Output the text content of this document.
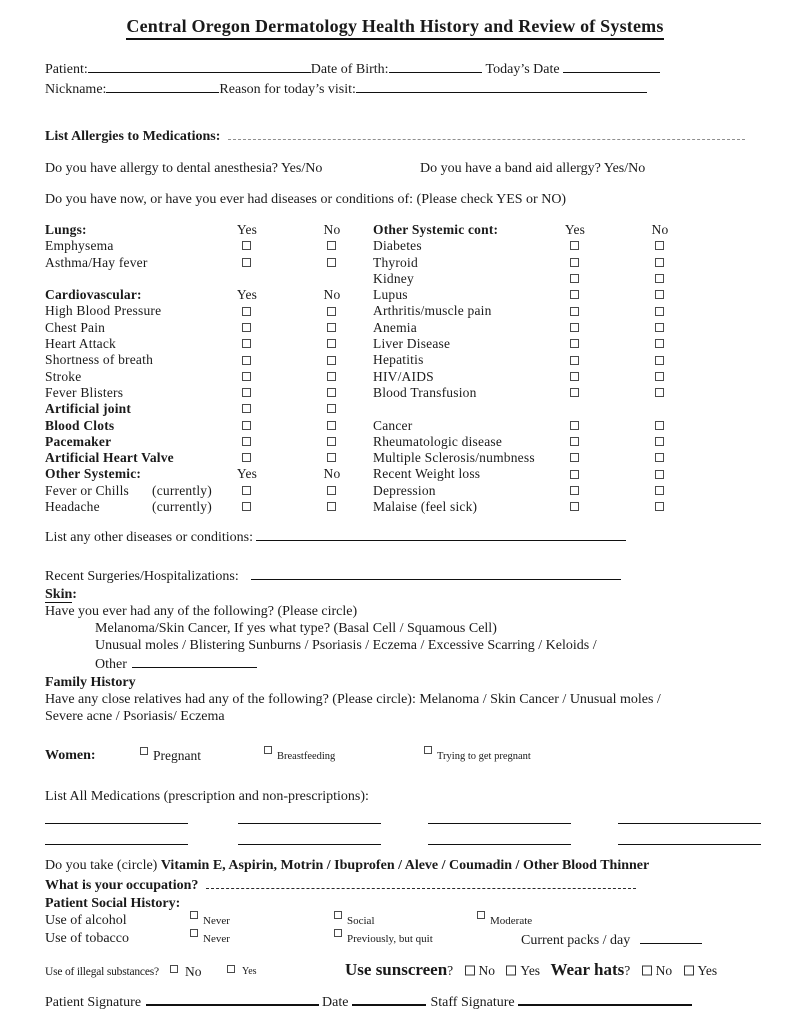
Central Oregon Dermatology Health History and Review of Systems
Patient:	Date of Birth:	Today’s Date
Nickname:	Reason for today’s visit:
List Allergies to Medications:
Do you have allergy to dental anesthesia? Yes/No	Do you have a band aid allergy? Yes/No
Do you have now, or have you ever had diseases or conditions of: (Please check YES or NO)
Lungs:	Yes	No	Other Systemic cont:	Yes	No
Emphysema	Diabetes
Asthma/Hay fever	Thyroid
Kidney
Cardiovascular:	Yes	No	Lupus
High Blood Pressure	Arthritis/muscle pain
Chest Pain	Anemia
Heart Attack	Liver Disease
Shortness of breath	Hepatitis
Stroke	HIV/AIDS
Fever Blisters	Blood Transfusion
Artificial joint
Blood Clots	Cancer
Pacemaker	Rheumatologic disease
Artificial Heart Valve	Multiple Sclerosis/numbness
Other Systemic:	Yes	No	Recent Weight loss
Fever or Chills (currently)	Depression
Headache	(currently)	Malaise (feel sick)
List any other diseases or conditions:
Recent Surgeries/Hospitalizations:
Skin:
Have you ever had any of the following? (Please circle)
Melanoma/Skin Cancer, If yes what type? (Basal Cell / Squamous Cell)
Unusual moles / Blistering Sunburns / Psoriasis / Eczema / Excessive Scarring / Keloids /
Other
Family History
Have any close relatives had any of the following? (Please circle): Melanoma / Skin Cancer / Unusual moles /
Severe acne / Psoriasis/ Eczema
Women:	Pregnant	Breastfeeding	Trying to get pregnant
List All Medications (prescription and non-prescriptions):
Do you take (circle) Vitamin E, Aspirin, Motrin / Ibuprofen / Aleve / Coumadin / Other Blood Thinner
What is your occupation?
Patient Social History:
Use of alcohol	Never	Social	Moderate
Use of tobacco	Never	Previously, but quit	Current packs / day
Use of illegal substances? No	Yes	Use sunscreen? No Yes Wear hats? No Yes
Patient Signature	Date	Staff Signature
